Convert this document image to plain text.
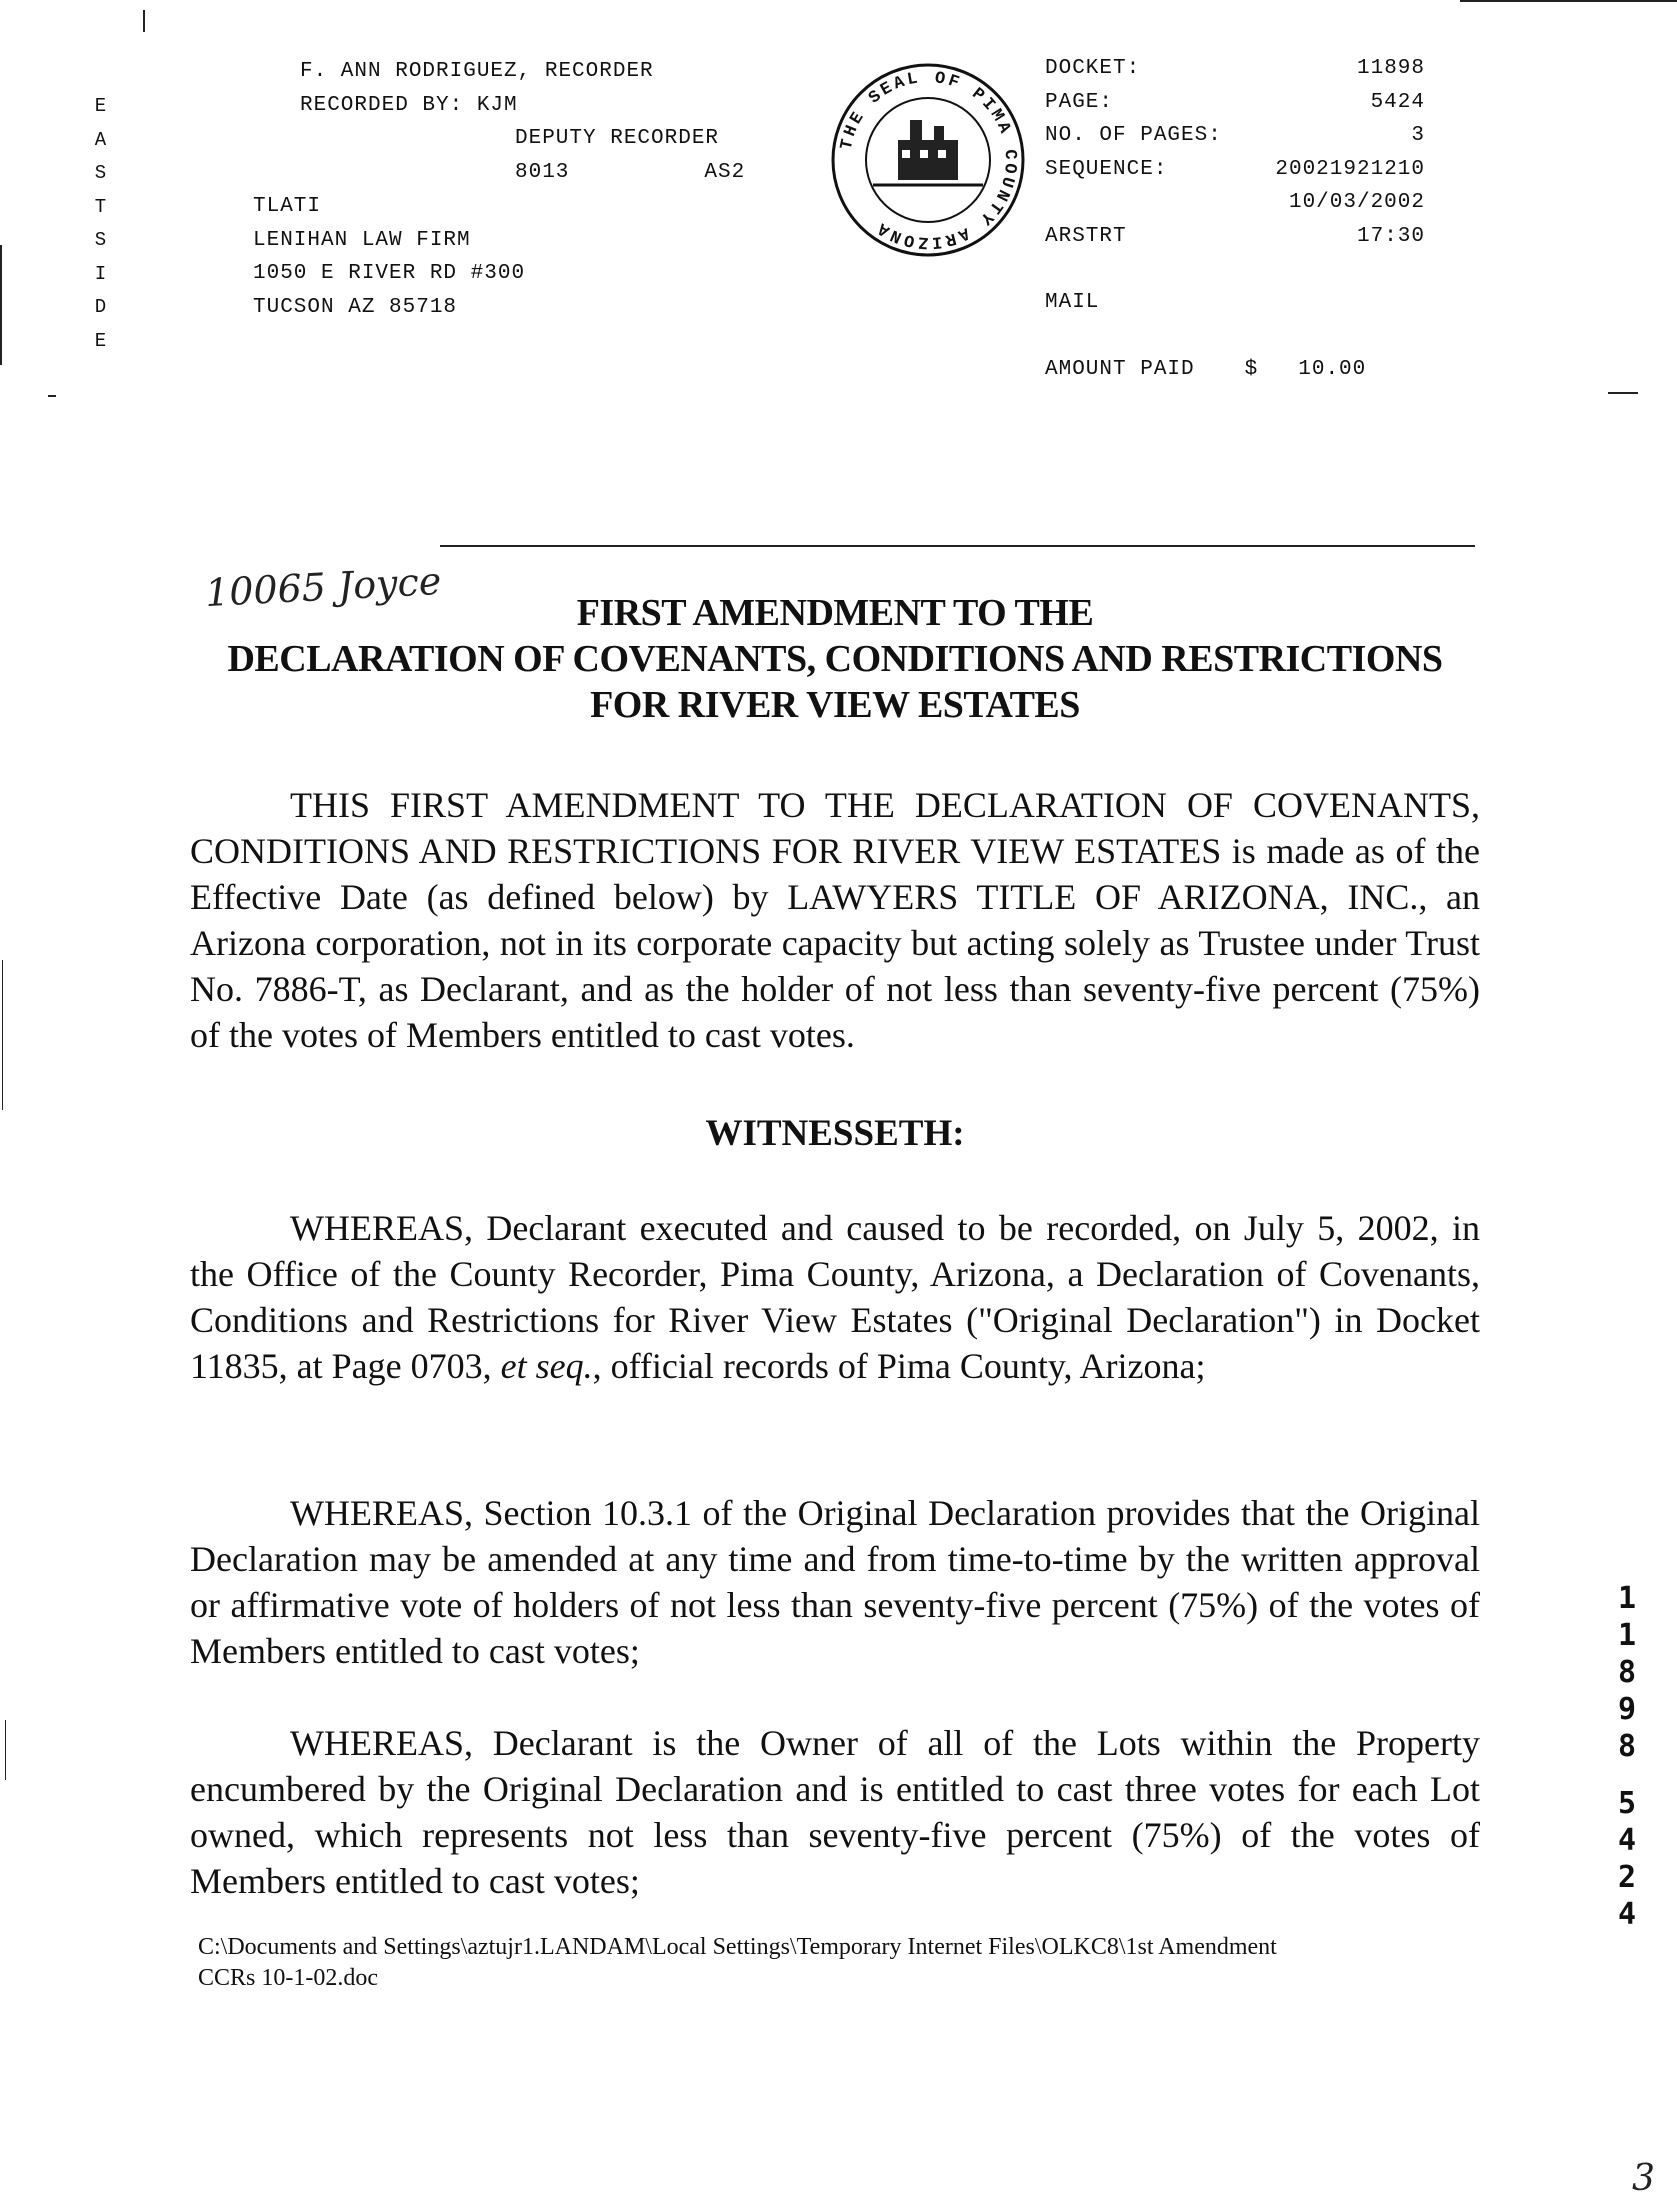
E
A
S
T
S
I
D
E
F. ANN RODRIGUEZ, RECORDER
RECORDED BY: KJM
DEPUTY RECORDER
8013	AS2
TLATI
LENIHAN LAW FIRM
1050 E RIVER RD #300
TUCSON AZ 85718
THE SEAL OF PIMA COUNTY ARIZONA
DOCKET:	11898
PAGE:	5424
NO. OF PAGES:	3
SEQUENCE:	20021921210
10/03/2002
ARSTRT	17:30
MAIL
AMOUNT PAID $ 10.00
10065 Joyce	FIRST AMENDMENT TO THE
DECLARATION OF COVENANTS, CONDITIONS AND RESTRICTIONS
FOR RIVER VIEW ESTATES
THIS FIRST AMENDMENT TO THE DECLARATION OF COVENANTS, CONDITIONS AND RESTRICTIONS FOR RIVER VIEW ESTATES is made as of the Effective Date (as defined below) by LAWYERS TITLE OF ARIZONA, INC., an Arizona corporation, not in its corporate capacity but acting solely as Trustee under Trust No. 7886-T, as Declarant, and as the holder of not less than seventy-five percent (75%) of the votes of Members entitled to cast votes.
WITNESSETH:
WHEREAS, Declarant executed and caused to be recorded, on July 5, 2002, in the Office of the County Recorder, Pima County, Arizona, a Declaration of Covenants, Conditions and Restrictions for River View Estates ("Original Declaration") in Docket 11835, at Page 0703, et seq., official records of Pima County, Arizona;
WHEREAS, Section 10.3.1 of the Original Declaration provides that the Original Declaration may be amended at any time and from time-to-time by the written approval or affirmative vote of holders of not less than seventy-five percent (75%) of the votes of Members entitled to cast votes;
WHEREAS, Declarant is the Owner of all of the Lots within the Property encumbered by the Original Declaration and is entitled to cast three votes for each Lot owned, which represents not less than seventy-five percent (75%) of the votes of Members entitled to cast votes;
C:\Documents and Settings\aztujr1.LANDAM\Local Settings\Temporary Internet Files\OLKC8\1st Amendment
CCRs 10-1-02.doc
1
1
8
9
8
5
4
2
4
3
